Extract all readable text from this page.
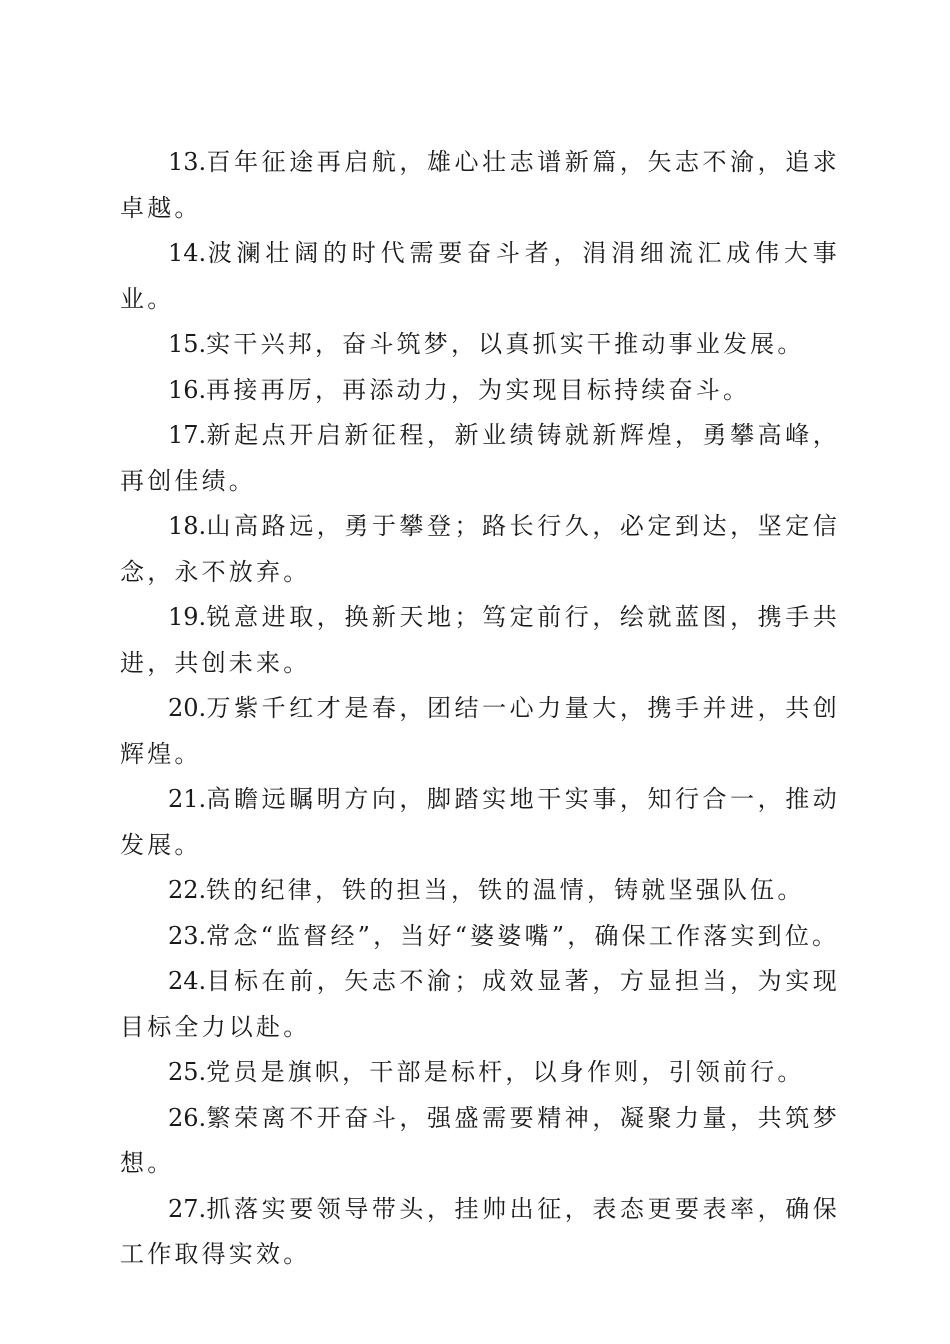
13.百年征途再启航，雄心壮志谱新篇，矢志不渝，追求卓越。

14.波澜壮阔的时代需要奋斗者，涓涓细流汇成伟大事业。

15.实干兴邦，奋斗筑梦，以真抓实干推动事业发展。

16.再接再厉，再添动力，为实现目标持续奋斗。

17.新起点开启新征程，新业绩铸就新辉煌，勇攀高峰，再创佳绩。

18.山高路远，勇于攀登；路长行久，必定到达，坚定信念，永不放弃。

19.锐意进取，换新天地；笃定前行，绘就蓝图，携手共进，共创未来。

20.万紫千红才是春，团结一心力量大，携手并进，共创辉煌。

21.高瞻远瞩明方向，脚踏实地干实事，知行合一，推动发展。

22.铁的纪律，铁的担当，铁的温情，铸就坚强队伍。

23.常念“监督经”，当好“婆婆嘴”，确保工作落实到位。

24.目标在前，矢志不渝；成效显著，方显担当，为实现目标全力以赴。

25.党员是旗帜，干部是标杆，以身作则，引领前行。

26.繁荣离不开奋斗，强盛需要精神，凝聚力量，共筑梦想。

27.抓落实要领导带头，挂帅出征，表态更要表率，确保工作取得实效。
